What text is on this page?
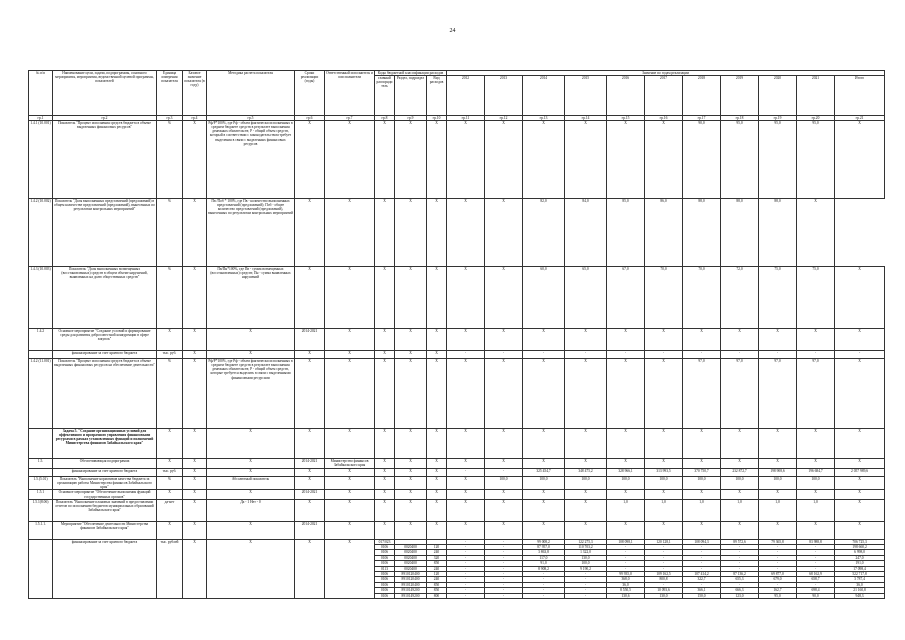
24
№ п/п	Наименование цели, задачи, подпрограммы, основного мероприятия, мероприятия, ведомственной целевой программы, показателей	Единица измерения показателя	Базовое значение показателя (в году)	Методика расчета показателя	Сроки реализации (годы)	Ответственный исполнитель и соисполнители	Коды бюджетной классификации расходов			Значение по годам реализации										
							главный распорядитель	Раздел, подраздел	Вид расходов	2012	2013	2014	2015	2016	2017	2018	2019	2020	2021	Итого
гр.1	гр.2	гр.3	гр.4	гр.5	гр.6	гр.7	гр.8	гр.9	гр.10	гр.11	гр.12	гр.13	гр.14	гр.15	гр.16	гр.17	гр.18	гр.19	гр.20	гр.21
1.4.1 (10.001)	Показатель "Процент исполнения средств бюджета в объеме выделенных финансовых ресурсов"	%	X	Pф/P*100%, где Pф - объем фактически исполненных в среднем бюджете средств в результате выполнения денежных обязательств; P - общий объем средств, который в соответствии с законодательством требует выделения в связи с выделенных финансовых ресурсов	X	X	X	X	X	X	X	X	X	X	X	90,0	95,0	95,0	95,0	X
1.4.2 (10.002)	Показатель "Доля выполненных представлений (предложений) в общем количестве представлений (предложений), вынесенных по результатам контрольных мероприятий"	%	X	Пв /Поб * 100%, где Пв - количество выполненных представлений (предложений); Поб - общее количество представлений (предложений), вынесенных по результатам контрольных мероприятий	X	X	X	X	X	X	X	82,0	84,0	85,0	86,0	88,0	88,0	88,0	X	
1.4.3 (10.003)	Показатель "Доля выполненных возмещенных (восстановленных) средств в общем объеме нарушений, выявленных на долю общественных средств"	%	X	Пв/Пн*100%, где Пв - сумма возмещенных (восстановленных) средств; Пн - сумма выявленных нарушений	X	X	X	X	X	X	X	60,0	65,0	67,0	70,0	70,0	72,0	75,0	75,0	X
1.4.2	Основное мероприятие "Создание условий и формирование среды для развития добросовестной конкуренции в сфере закупок"	X	X	X	2014-2021	X	X	X	X	X	X	X	X	X	X	X	X	X	X	X
	финансирование за счет краевого бюджета	тыс. руб.	X	X	X	X	X	X	X	-	-	-	-	-	-	-	-	-	-	-
1.4.2 (11.001)	Показатель "Процент исполнения средств бюджета в объеме выделенных финансовых ресурсов на обеспечение деятельности"	%	X	Pф/P*100%, где Pф - объем фактически исполненных в среднем бюджете средств в результате выполнения денежных обязательств; P - общий объем средств, которые требуется выделить в связи с выделенными финансовыми ресурсами	X	X	X	X	X	X	X	X	X	X	X	97,0	97,0	97,0	97,0	X
	Задача 5. "Создание организационных условий для эффективного и прозрачного управления финансовыми ресурсами в рамках установленных функций и полномочий Министерства финансов Забайкальского края"	X	X	X	X	X	X	X	X	X	X	X	X	X	X	X	X	X	X	X
1.5.	Обеспечивающая подпрограмма	X	X	X	2014-2021	Министерство финансов Забайкальского края	X	X	X	X	X	X	X	X	X	X	X	X	X	X
	финансирование за счет краевого бюджета	тыс. руб.	X	X	X	X	X	X	X	-	-	325 454,7	348 475,2	328 966,1	313 993,5	370 750,7	232 872,7	198 908,6	196 684,7	2 057 989,6
1.5.(5.01)	Показатель "Выполнение нормативов качества бюджета за организацию работы Министерства финансов Забайкальского края"	%	X	Абсолютный показатель	X	X	X	X	X	X	100,0	100,0	100,0	100,0	100,0	100,0	100,0	100,0	100,0	X
1.5.1	Основное мероприятие "Обеспечение выполнения функций государственных органов"	X	X	X	2014-2021	X	X	X	X	X	X	X	X	X	X	X	X	X	X	X
1.5.1(8.06)	Показатель "Выполнение плановых значений в предоставлении отчетов по исполнению бюджетов муниципальных образований Забайкальского края"	да-нет	X	Да - 1 Нет - 0	X	X	X	X	X	X	X	X	X	1,0	1,0	1,0	1,0	1,0	1,0	X
1.5.1.1.	Мероприятие "Обеспечение деятельности Министерства финансов Забайкальского края"	X	X	X	2014-2021	X	X	X	X	X	X	X	X	X	X	X	X	X	X	X
	финансирование за счет краевого бюджета	тыс. рублей	X	X	X	X	017/023			-	-	99 008,2	122 275,3	108 098,1	120 128,1	108 094,3	89 572,6	79 365,8	83 988,8	706 725,3
							0106	0020400	120	-	-	87 957,0	110 703,2	-	-	-	-	-	-	198 660,2
							0106	0020400	240	-	-	3 863,8	1 322,0	-	-	-	-	-	-	6 998,0
							0106	0020400	320	-	-	117,0	130,0	-	-	-	-	-	-	247,0
							0106	0020400	850	-	-	91,0	100,0	-	-	-	-	-	-	191,0
							0113	0020400	240	-	-	8 908,2	9 190,2	-	-	-	-	-	-	17 098,4
							0106	8910120400	120	-	-	-	-	99 935,0	109 162,5	107 414,2	87 136,2	69 877,0	68 162,9	522 717,8
							0106	8910120400	240	-	-	-	-	368,0	800,8	322,7	655,3	679,0	658,7	3 787,4
							0106	8910120400	850	-	-	-	-	36,0	-	-	-	-	-	36,0
							0106	8910149200	850	-	-	-	-	8 550,5	10 093,6	366,1	666,3	162,7	698,4	21 160,8
							0106	8910149200	800	-	-	-	-	130,6	130,0	150,0	123,0	95,0	90,0	948,3
